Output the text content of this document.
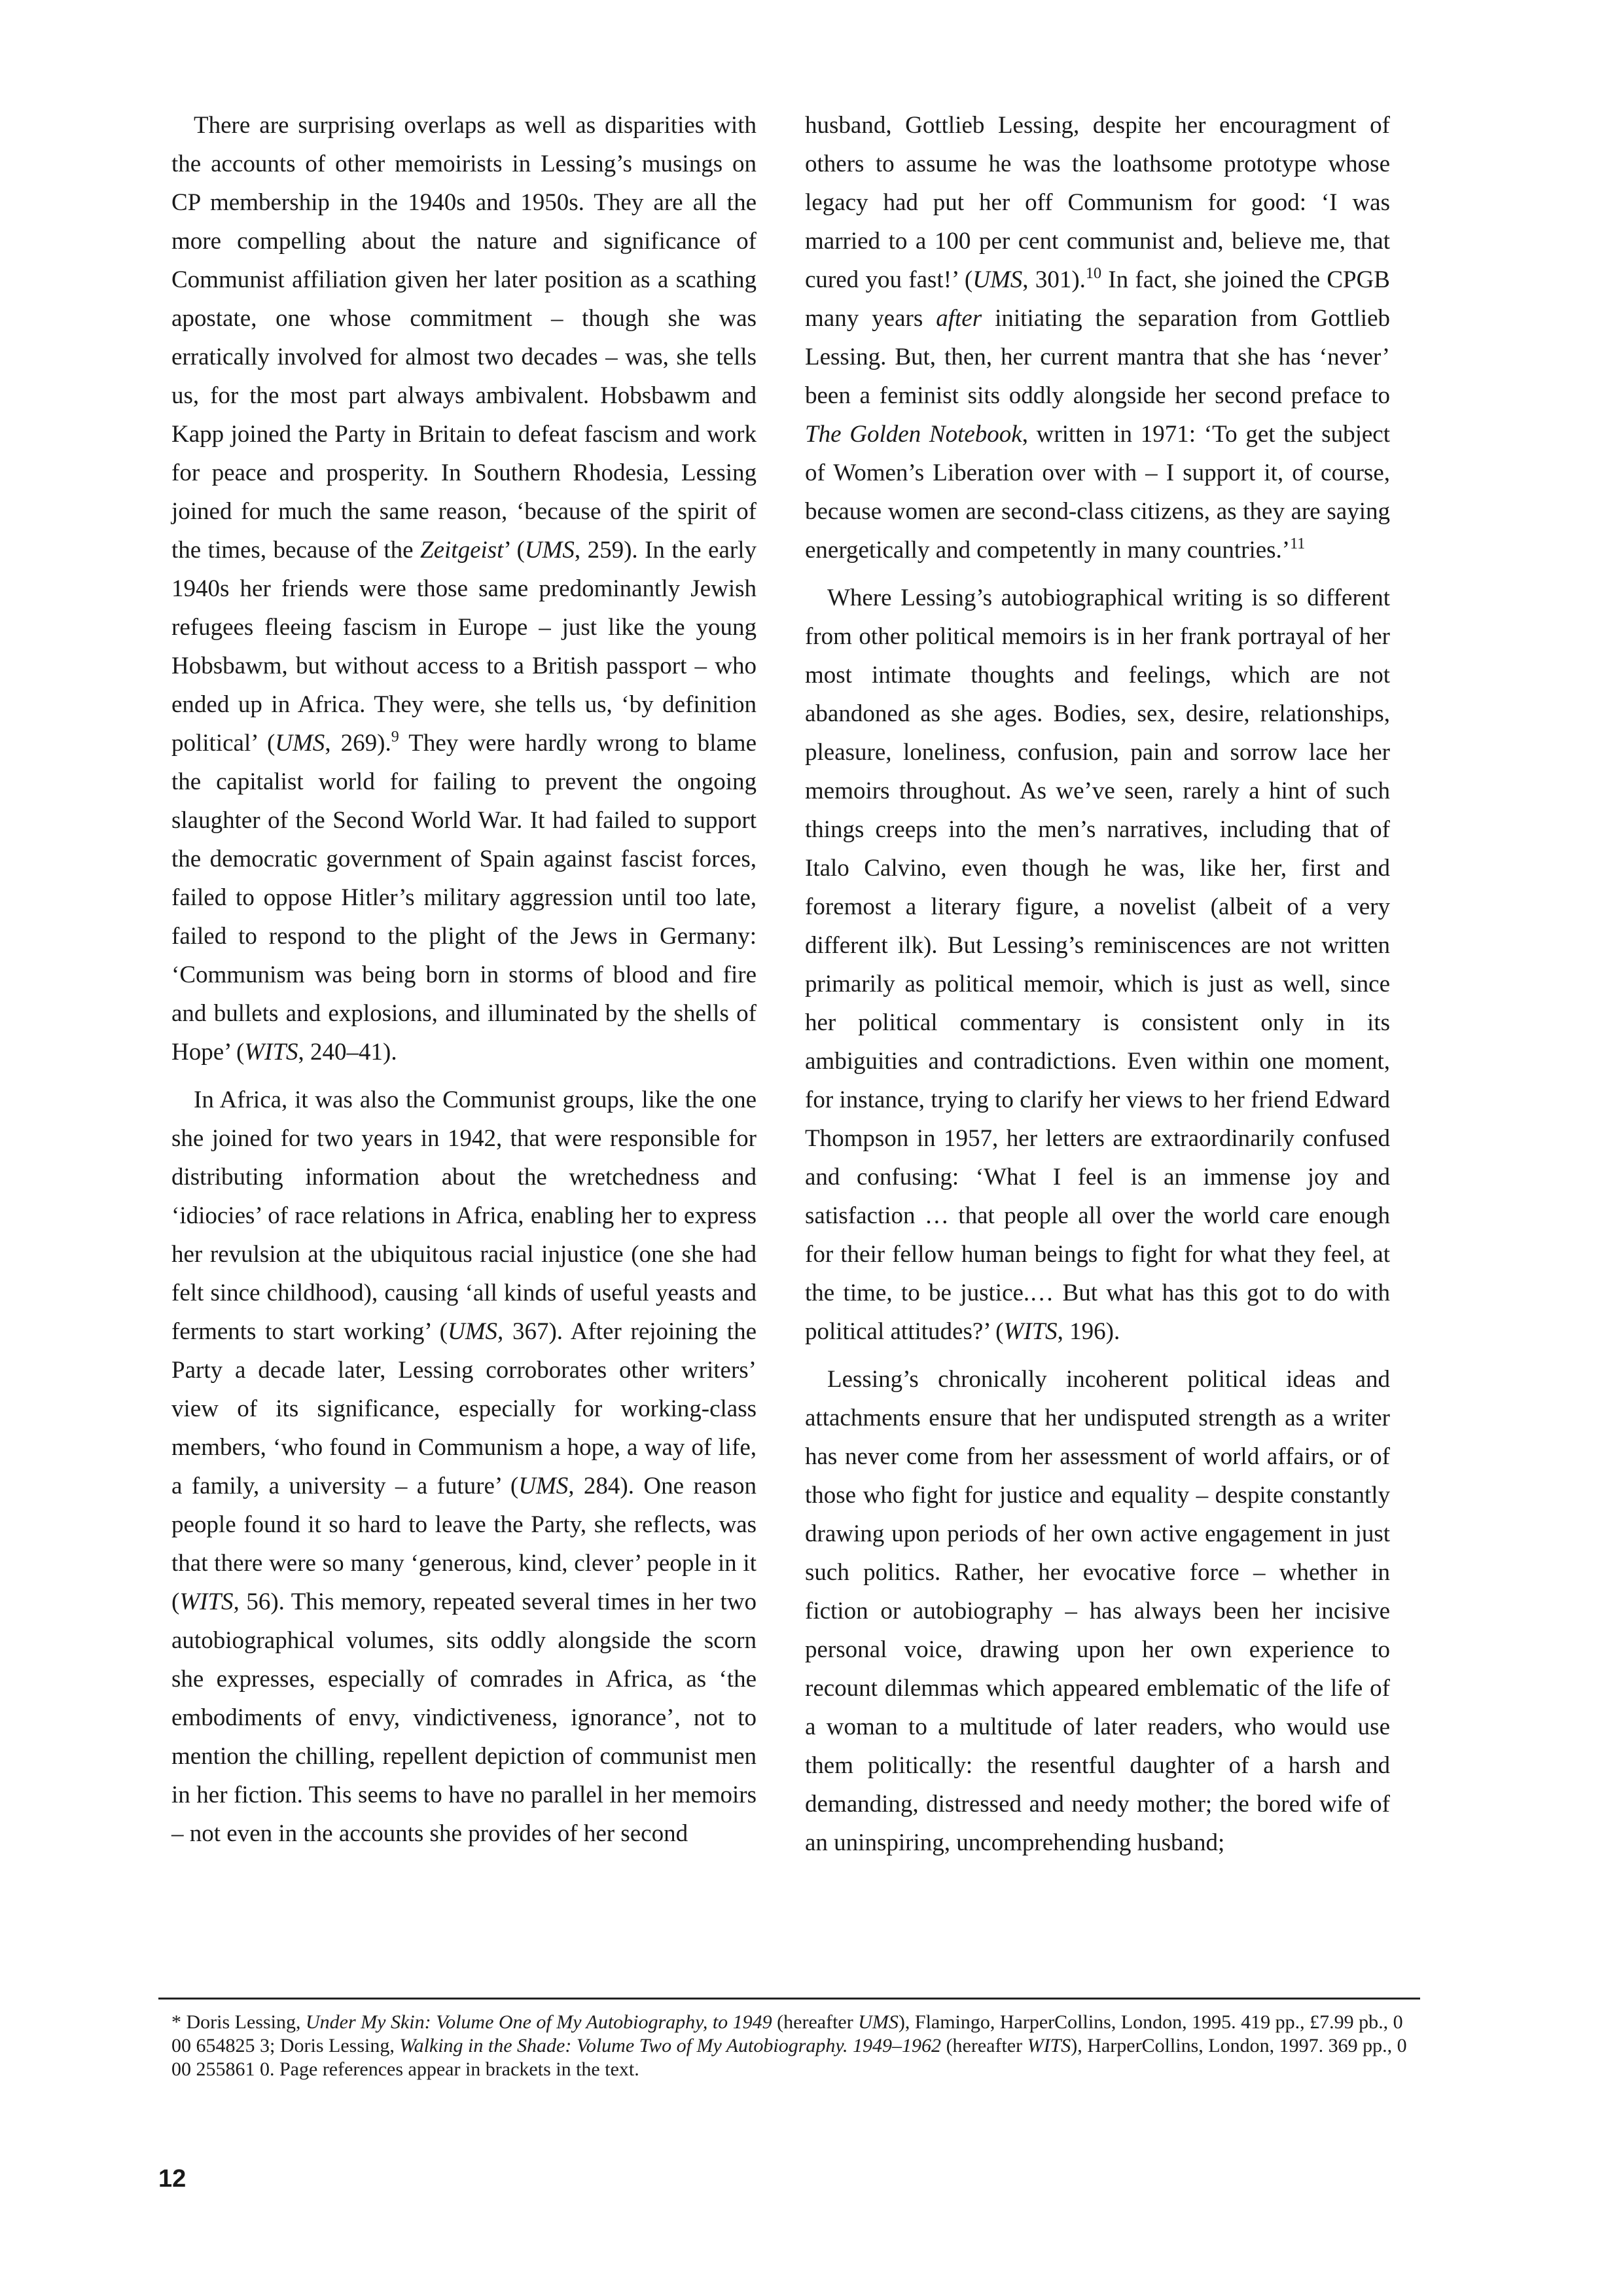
There are surprising overlaps as well as disparities with the accounts of other memoirists in Lessing’s musings on CP membership in the 1940s and 1950s. They are all the more compelling about the nature and significance of Communist affiliation given her later position as a scathing apostate, one whose commitment – though she was erratically involved for almost two decades – was, she tells us, for the most part always ambivalent. Hobsbawm and Kapp joined the Party in Britain to defeat fascism and work for peace and prosperity. In Southern Rhodesia, Lessing joined for much the same reason, ‘because of the spirit of the times, because of the Zeitgeist’ (UMS, 259). In the early 1940s her friends were those same predominantly Jewish refugees fleeing fascism in Europe – just like the young Hobsbawm, but without access to a British passport – who ended up in Africa. They were, she tells us, ‘by definition political’ (UMS, 269).$^9$ They were hardly wrong to blame the capitalist world for failing to prevent the ongoing slaughter of the Second World War. It had failed to support the democratic government of Spain against fascist forces, failed to oppose Hitler’s military aggression until too late, failed to respond to the plight of the Jews in Germany: ‘Communism was being born in storms of blood and fire and bullets and explosions, and illuminated by the shells of Hope’ (WITS, 240–41).

In Africa, it was also the Communist groups, like the one she joined for two years in 1942, that were responsible for distributing information about the wretchedness and ‘idiocies’ of race relations in Africa, enabling her to express her revulsion at the ubiquitous racial injustice (one she had felt since childhood), causing ‘all kinds of useful yeasts and ferments to start working’ (UMS, 367). After rejoining the Party a decade later, Lessing corroborates other writers’ view of its significance, especially for working-class members, ‘who found in Communism a hope, a way of life, a family, a university – a future’ (UMS, 284). One reason people found it so hard to leave the Party, she reflects, was that there were so many ‘generous, kind, clever’ people in it (WITS, 56). This memory, repeated several times in her two autobiographical volumes, sits oddly alongside the scorn she expresses, especially of comrades in Africa, as ‘the embodiments of envy, vindictiveness, ignorance’, not to mention the chilling, repellent depiction of communist men in her fiction. This seems to have no parallel in her memoirs – not even in the accounts she provides of her second

husband, Gottlieb Lessing, despite her encouragment of others to assume he was the loathsome prototype whose legacy had put her off Communism for good: ‘I was married to a 100 per cent communist and, believe me, that cured you fast!’ (UMS, 301).$^{10}$ In fact, she joined the CPGB many years after initiating the separation from Gottlieb Lessing. But, then, her current mantra that she has ‘never’ been a feminist sits oddly alongside her second preface to The Golden Notebook, written in 1971: ‘To get the subject of Women’s Liberation over with – I support it, of course, because women are second-class citizens, as they are saying energetically and competently in many countries.’$^{11}$

Where Lessing’s autobiographical writing is so different from other political memoirs is in her frank portrayal of her most intimate thoughts and feelings, which are not abandoned as she ages. Bodies, sex, desire, relationships, pleasure, loneliness, confusion, pain and sorrow lace her memoirs throughout. As we’ve seen, rarely a hint of such things creeps into the men’s narratives, including that of Italo Calvino, even though he was, like her, first and foremost a literary figure, a novelist (albeit of a very different ilk). But Lessing’s reminiscences are not written primarily as political memoir, which is just as well, since her political commentary is consistent only in its ambiguities and contradictions. Even within one moment, for instance, trying to clarify her views to her friend Edward Thompson in 1957, her letters are extraordinarily confused and confusing: ‘What I feel is an immense joy and satisfaction … that people all over the world care enough for their fellow human beings to fight for what they feel, at the time, to be justice.… But what has this got to do with political attitudes?’ (WITS, 196).

Lessing’s chronically incoherent political ideas and attachments ensure that her undisputed strength as a writer has never come from her assessment of world affairs, or of those who fight for justice and equality – despite constantly drawing upon periods of her own active engagement in just such politics. Rather, her evocative force – whether in fiction or autobiography – has always been her incisive personal voice, drawing upon her own experience to recount dilemmas which appeared emblematic of the life of a woman to a multitude of later readers, who would use them politically: the resentful daughter of a harsh and demanding, distressed and needy mother; the bored wife of an uninspiring, uncomprehending husband;

* Doris Lessing, Under My Skin: Volume One of My Autobiography, to 1949 (hereafter UMS), Flamingo, HarperCollins, London, 1995. 419 pp., £7.99 pb., 0 00 654825 3; Doris Lessing, Walking in the Shade: Volume Two of My Autobiography. 1949–1962 (hereafter WITS), HarperCollins, London, 1997. 369 pp., 0 00 255861 0. Page references appear in brackets in the text.
12
